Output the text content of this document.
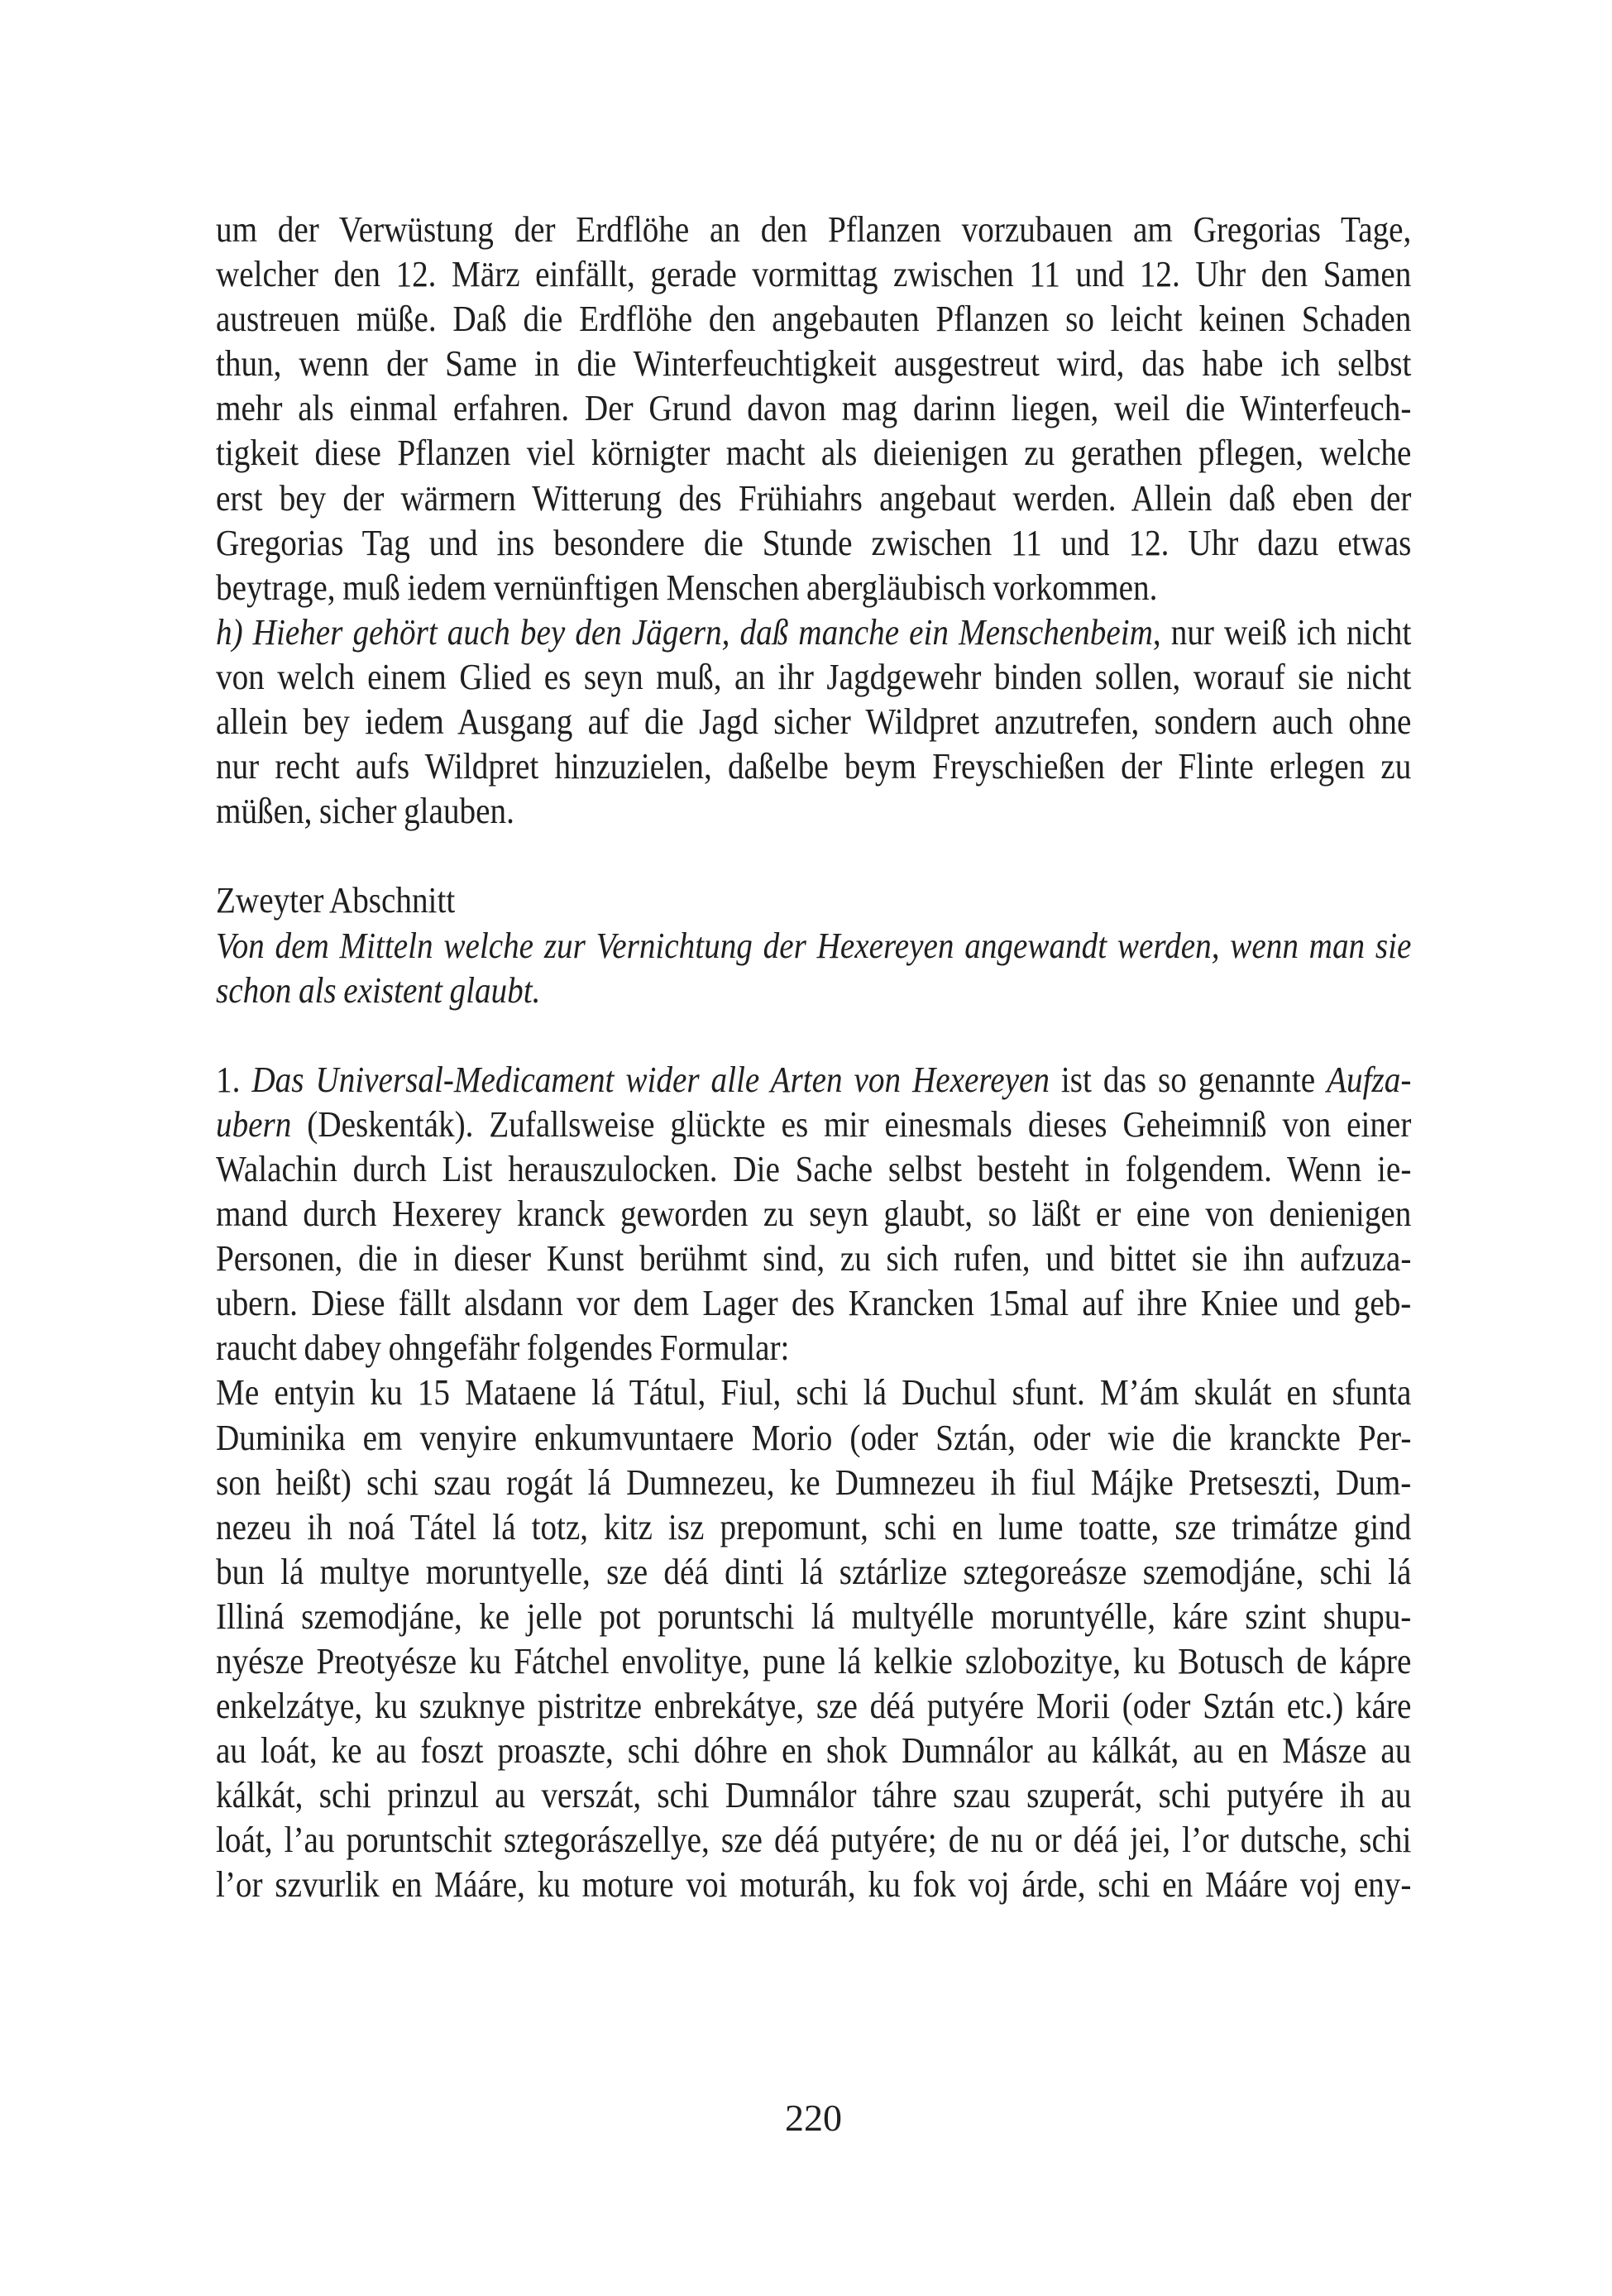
um der Verwüstung der Erdflöhe an den Pflanzen vorzubauen am Gregorias Tage,
welcher den 12. März einfällt, gerade vormittag zwischen 11 und 12. Uhr den Samen
austreuen müße. Daß die Erdflöhe den angebauten Pflanzen so leicht keinen Schaden
thun, wenn der Same in die Winterfeuchtigkeit ausgestreut wird, das habe ich selbst
mehr als einmal erfahren. Der Grund davon mag darinn liegen, weil die Winterfeuch-
tigkeit diese Pflanzen viel körnigter macht als dieienigen zu gerathen pflegen, welche
erst bey der wärmern Witterung des Frühiahrs angebaut werden. Allein daß eben der
Gregorias Tag und ins besondere die Stunde zwischen 11 und 12. Uhr dazu etwas
beytrage, muß iedem vernünftigen Menschen abergläubisch vorkommen.
h) Hieher gehört auch bey den Jägern, daß manche ein Menschenbeim, nur weiß ich nicht
von welch einem Glied es seyn muß, an ihr Jagdgewehr binden sollen, worauf sie nicht
allein bey iedem Ausgang auf die Jagd sicher Wildpret anzutrefen, sondern auch ohne
nur recht aufs Wildpret hinzuzielen, daßelbe beym Freyschießen der Flinte erlegen zu
müßen, sicher glauben.
Zweyter Abschnitt
Von dem Mitteln welche zur Vernichtung der Hexereyen angewandt werden, wenn man sie
schon als existent glaubt.
1. Das Universal-Medicament wider alle Arten von Hexereyen ist das so genannte Aufza-
ubern (Deskenták). Zufallsweise glückte es mir einesmals dieses Geheimniß von einer
Walachin durch List herauszulocken. Die Sache selbst besteht in folgendem. Wenn ie-
mand durch Hexerey kranck geworden zu seyn glaubt, so läßt er eine von denienigen
Personen, die in dieser Kunst berühmt sind, zu sich rufen, und bittet sie ihn aufzuza-
ubern. Diese fällt alsdann vor dem Lager des Krancken 15mal auf ihre Kniee und geb-
raucht dabey ohngefähr folgendes Formular:
Me entyin ku 15 Mataene lá Tátul, Fiul, schi lá Duchul sfunt. M’ám skulát en sfunta
Duminika em venyire enkumvuntaere Morio (oder Sztán, oder wie die kranckte Per-
son heißt) schi szau rogát lá Dumnezeu, ke Dumnezeu ih fiul Májke Pretseszti, Dum-
nezeu ih noá Tátel lá totz, kitz isz prepomunt, schi en lume toatte, sze trimátze gind
bun lá multye moruntyelle, sze déá dinti lá sztárlize sztegoreásze szemodjáne, schi lá
Illiná szemodjáne, ke jelle pot poruntschi lá multyélle moruntyélle, káre szint shupu-
nyésze Preotyésze ku Fátchel envolitye, pune lá kelkie szlobozitye, ku Botusch de kápre
enkelzátye, ku szuknye pistritze enbrekátye, sze déá putyére Morii (oder Sztán etc.) káre
au loát, ke au foszt proaszte, schi dóhre en shok Dumnálor au kálkát, au en Másze au
kálkát, schi prinzul au verszát, schi Dumnálor táhre szau szuperát, schi putyére ih au
loát, l’au poruntschit sztegorászellye, sze déá putyére; de nu or déá jei, l’or dutsche, schi
l’or szvurlik en Mááre, ku moture voi moturáh, ku fok voj árde, schi en Mááre voj eny-
220
